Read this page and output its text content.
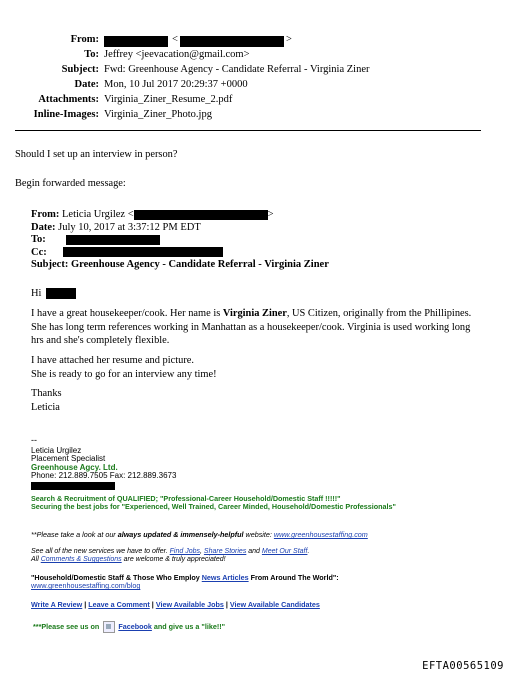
From:	<	>
To: Jeffrey <jeevacation@gmail.com>
Subject: Fwd: Greenhouse Agency - Candidate Referral - Virginia Ziner
Date: Mon, 10 Jul 2017 20:29:37 +0000
Attachments: Virginia_Ziner_Resume_2.pdf
Inline-Images: Virginia_Ziner_Photo.jpg
Should I set up an interview in person?
Begin forwarded message:
From: Leticia Urgilez <	>
Date: July 10, 2017 at 3:37:12 PM EDT
To:
Cc:
Subject: Greenhouse Agency - Candidate Referral - Virginia Ziner
Hi
I have a great housekeeper/cook. Her name is Virginia Ziner, US Citizen, originally from the Phillipines. She has long term references working in Manhattan as a housekeeper/cook. Virginia is used working long hrs and she's completely flexible.
I have attached her resume and picture.
She is ready to go for an interview any time!
Thanks
Leticia
--
Leticia Urgilez
Placement Specialist
Greenhouse Agcy. Ltd.
Phone: 212.889.7505 Fax: 212.889.3673
Search & Recruitment of QUALIFIED; "Professional-Career Household/Domestic Staff !!!!!"
Securing the best jobs for "Experienced, Well Trained, Career Minded, Household/Domestic Professionals"
**Please take a look at our always updated & immensely-helpful website: www.greenhousestaffing.com
See all of the new services we have to offer. Find Jobs, Share Stories and Meet Our Staff.
All Comments & Suggestions are welcome & truly appreciated!
"Household/Domestic Staff & Those Who Employ News Articles From Around The World":
www.greenhousestaffing.com/blog
Write A Review | Leave a Comment | View Available Jobs | View Available Candidates
***Please see us on Facebook and give us a "like!!"
EFTA00565109
